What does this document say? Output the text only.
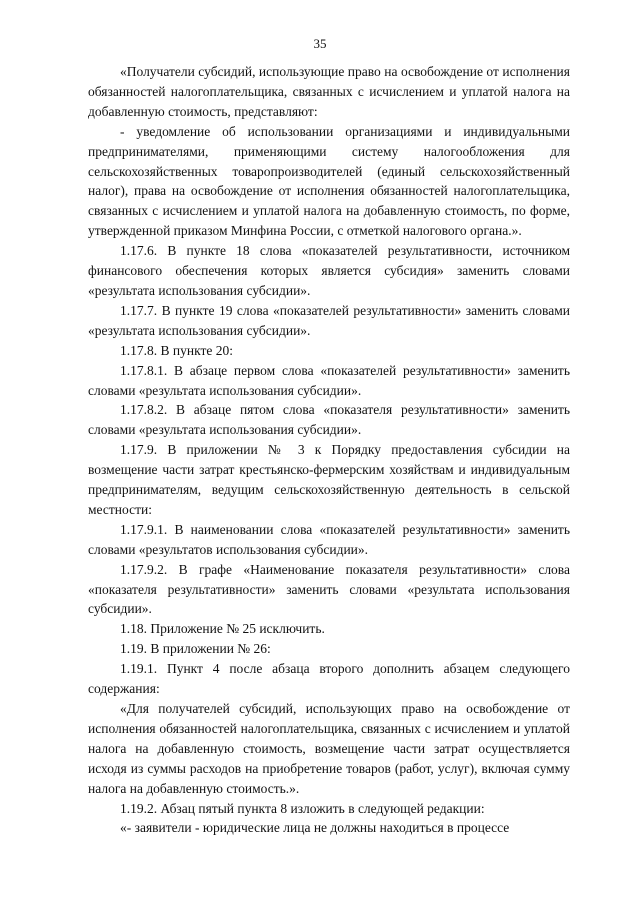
35

«Получатели субсидий, использующие право на освобождение от исполнения обязанностей налогоплательщика, связанных с исчислением и уплатой налога на добавленную стоимость, представляют:

- уведомление об использовании организациями и индивидуальными предпринимателями, применяющими систему налогообложения для сельскохозяйственных товаропроизводителей (единый сельскохозяйственный налог), права на освобождение от исполнения обязанностей налогоплательщика, связанных с исчислением и уплатой налога на добавленную стоимость, по форме, утвержденной приказом Минфина России, с отметкой налогового органа.».

1.17.6. В пункте 18 слова «показателей результативности, источником финансового обеспечения которых является субсидия» заменить словами «результата использования субсидии».

1.17.7. В пункте 19 слова «показателей результативности» заменить словами «результата использования субсидии».

1.17.8. В пункте 20:

1.17.8.1. В абзаце первом слова «показателей результативности» заменить словами «результата использования субсидии».

1.17.8.2. В абзаце пятом слова «показателя результативности» заменить словами «результата использования субсидии».

1.17.9. В приложении № 3 к Порядку предоставления субсидии на возмещение части затрат крестьянско-фермерским хозяйствам и индивидуальным предпринимателям, ведущим сельскохозяйственную деятельность в сельской местности:

1.17.9.1. В наименовании слова «показателей результативности» заменить словами «результатов использования субсидии».

1.17.9.2. В графе «Наименование показателя результативности» слова «показателя результативности» заменить словами «результата использования субсидии».

1.18. Приложение № 25 исключить.

1.19. В приложении № 26:

1.19.1. Пункт 4 после абзаца второго дополнить абзацем следующего содержания:

«Для получателей субсидий, использующих право на освобождение от исполнения обязанностей налогоплательщика, связанных с исчислением и уплатой налога на добавленную стоимость, возмещение части затрат осуществляется исходя из суммы расходов на приобретение товаров (работ, услуг), включая сумму налога на добавленную стоимость.».

1.19.2. Абзац пятый пункта 8 изложить в следующей редакции:

«- заявители - юридические лица не должны находиться в процессе
